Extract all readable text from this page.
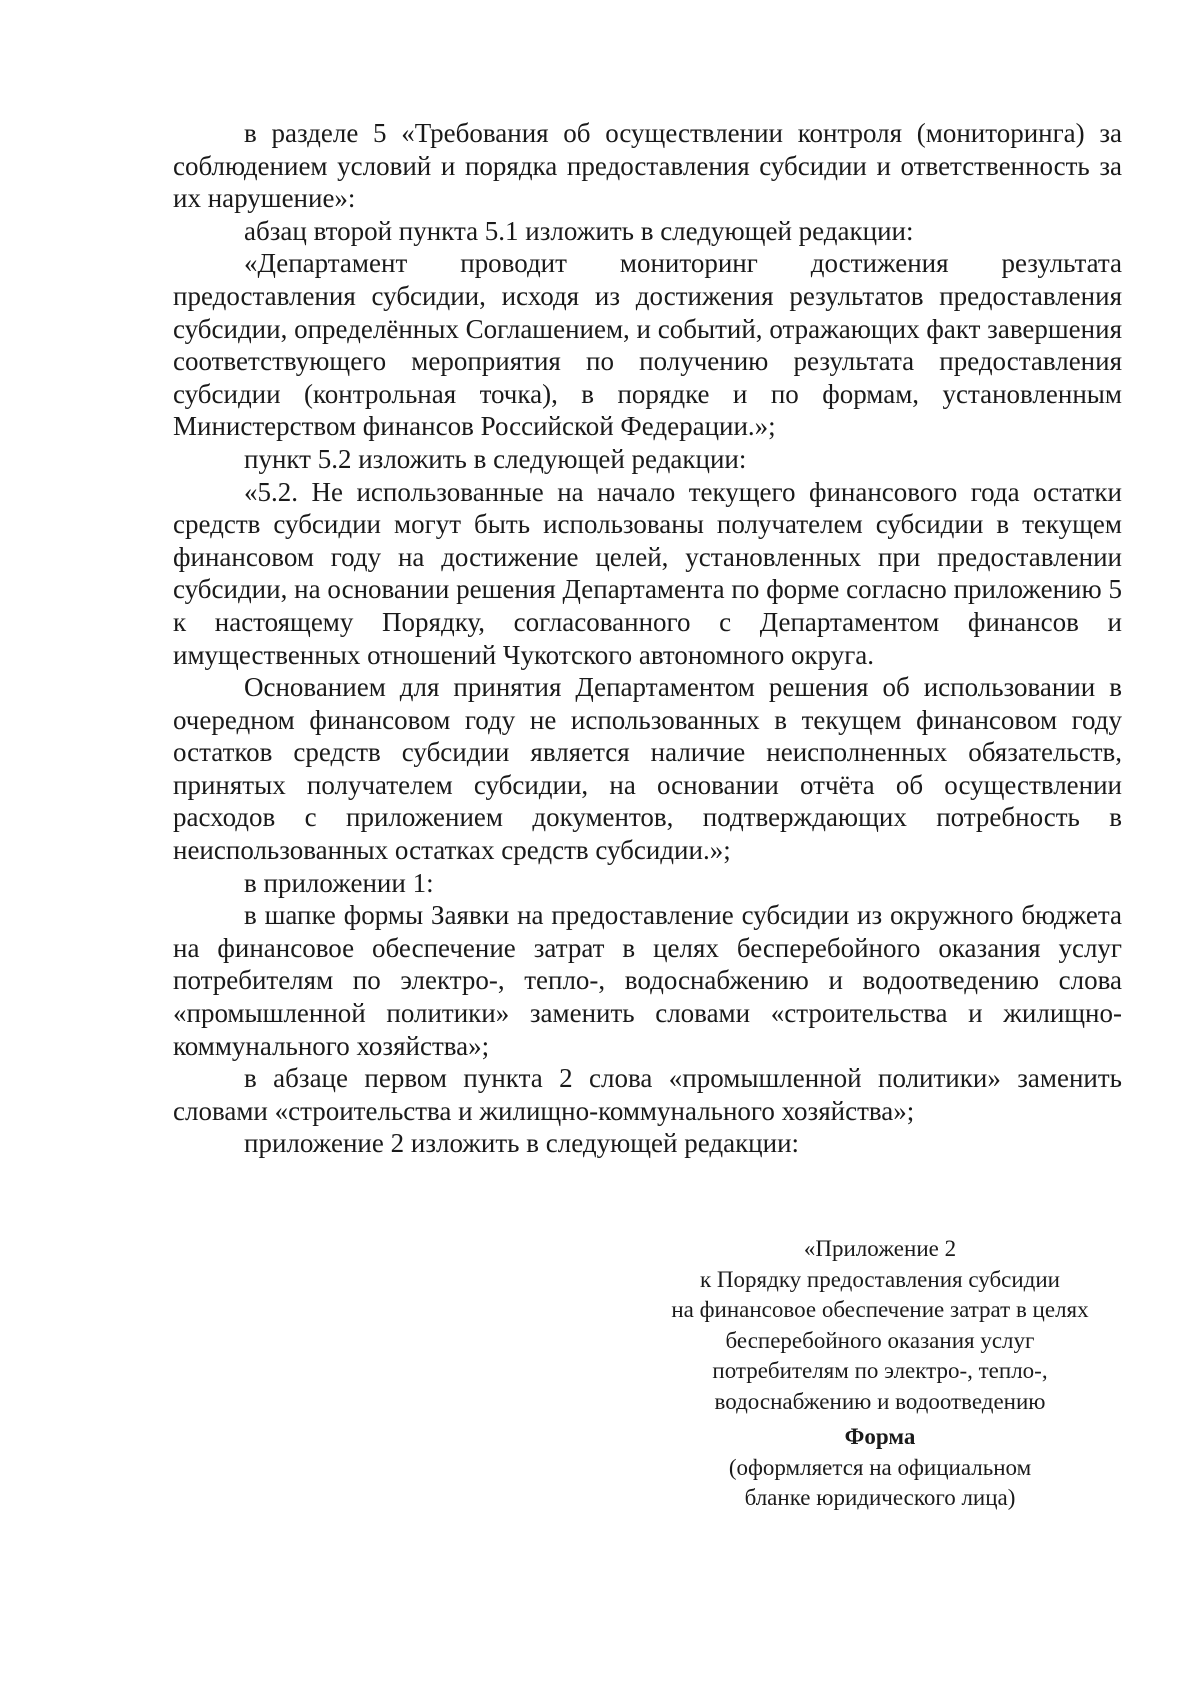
в разделе 5 «Требования об осуществлении контроля (мониторинга) за соблюдением условий и порядка предоставления субсидии и ответственность за их нарушение»:

абзац второй пункта 5.1 изложить в следующей редакции:

«Департамент проводит мониторинг достижения результата предоставления субсидии, исходя из достижения результатов предоставления субсидии, определённых Соглашением, и событий, отражающих факт завершения соответствующего мероприятия по получению результата предоставления субсидии (контрольная точка), в порядке и по формам, установленным Министерством финансов Российской Федерации.»;

пункт 5.2 изложить в следующей редакции:

«5.2. Не использованные на начало текущего финансового года остатки средств субсидии могут быть использованы получателем субсидии в текущем финансовом году на достижение целей, установленных при предоставлении субсидии, на основании решения Департамента по форме согласно приложению 5 к настоящему Порядку, согласованного с Департаментом финансов и имущественных отношений Чукотского автономного округа.

Основанием для принятия Департаментом решения об использовании в очередном финансовом году не использованных в текущем финансовом году остатков средств субсидии является наличие неисполненных обязательств, принятых получателем субсидии, на основании отчёта об осуществлении расходов с приложением документов, подтверждающих потребность в неиспользованных остатках средств субсидии.»;

в приложении 1:

в шапке формы Заявки на предоставление субсидии из окружного бюджета на финансовое обеспечение затрат в целях бесперебойного оказания услуг потребителям по электро-, тепло-, водоснабжению и водоотведению слова «промышленной политики» заменить словами «строительства и жилищно-коммунального хозяйства»;

в абзаце первом пункта 2 слова «промышленной политики» заменить словами «строительства и жилищно-коммунального хозяйства»;

приложение 2 изложить в следующей редакции:

«Приложение 2
к Порядку предоставления субсидии
на финансовое обеспечение затрат в целях
бесперебойного оказания услуг
потребителям по электро-, тепло-,
водоснабжению и водоотведению
Форма
(оформляется на официальном
бланке юридического лица)
